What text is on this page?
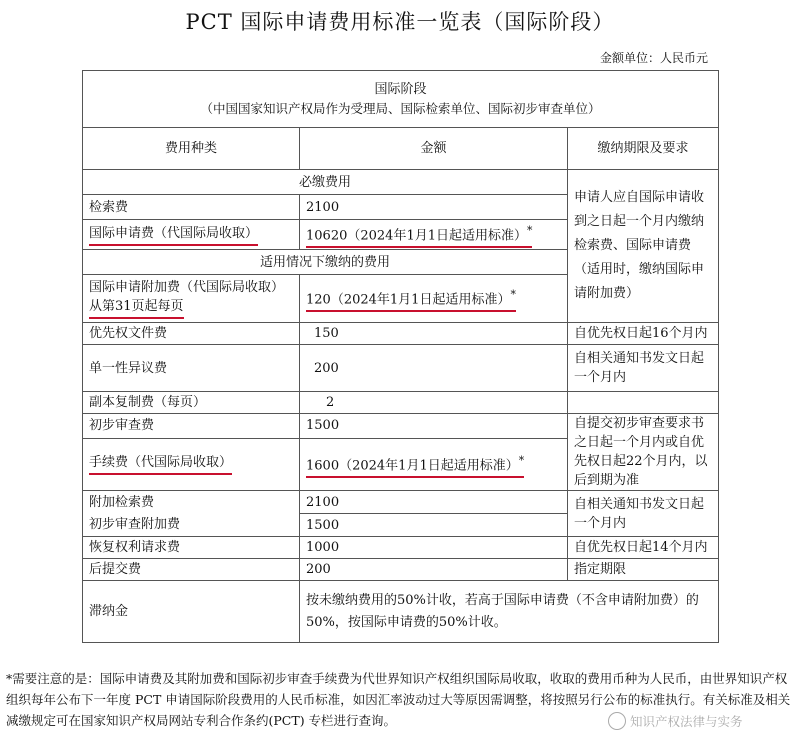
PCT 国际申请费用标准一览表（国际阶段）
金额单位：人民币元
国际阶段
（中国国家知识产权局作为受理局、国际检索单位、国际初步审查单位）		

费用种类	金额	缴纳期限及要求
必缴费用		申请人应自国际申请收到之日起一个月内缴纳检索费、国际申请费（适用时，缴纳国际申请附加费）
检索费	2100	
国际申请费（代国际局收取）	10620（2024年1月1日起适用标准）*
适用情况下缴纳的费用		

国际申请附加费（代国际局收取）
从第31页起每页	120（2024年1月1日起适用标准）*
优先权文件费	150	自优先权日起16个月内
单一性异议费	200	自相关通知书发文日起一个月内
副本复制费（每页）	2	
初步审查费	1500	自提交初步审查要求书之日起一个月内或自优先权日起22个月内，以后到期为准
手续费（代国际局收取）	1600（2024年1月1日起适用标准）*
附加检索费	2100	自相关通知书发文日起一个月内
初步审查附加费	1500	
恢复权利请求费	1000	自优先权日起14个月内
后提交费	200	指定期限
滞纳金	按未缴纳费用的50%计收，若高于国际申请费（不含申请附加费）的50%，按国际申请费的50%计收。	
*需要注意的是：国际申请费及其附加费和国际初步审查手续费为代世界知识产权组织国际局收取，收取的费用币种为人民币，由世界知识产权组织每年公布下一年度 PCT 申请国际阶段费用的人民币标准，如因汇率波动过大等原因需调整，将按照另行公布的标准执行。有关标准及相关减缴规定可在国家知识产权局网站专利合作条约(PCT) 专栏进行查询。	知识产权法律与实务
